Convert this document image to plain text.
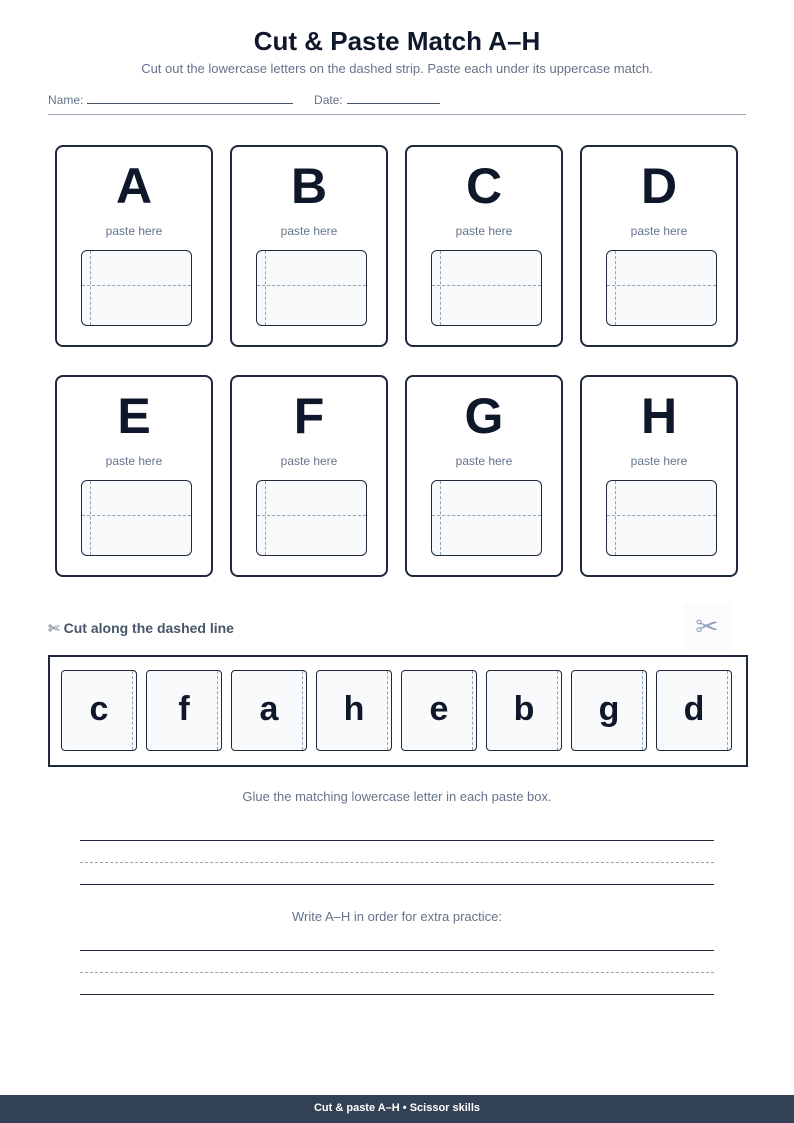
Cut & Paste Match A–H
Cut out the lowercase letters on the dashed strip. Paste each under its uppercase match.
Name:	Date:
A
paste here
B
paste here
C
paste here
D
paste here
E
paste here
F
paste here
G
paste here
H
paste here
✄ Cut along the dashed line	✂
c	f	a	h	e	b	g	d
Glue the matching lowercase letter in each paste box.
Write A–H in order for extra practice:
Cut & paste A–H • Scissor skills
